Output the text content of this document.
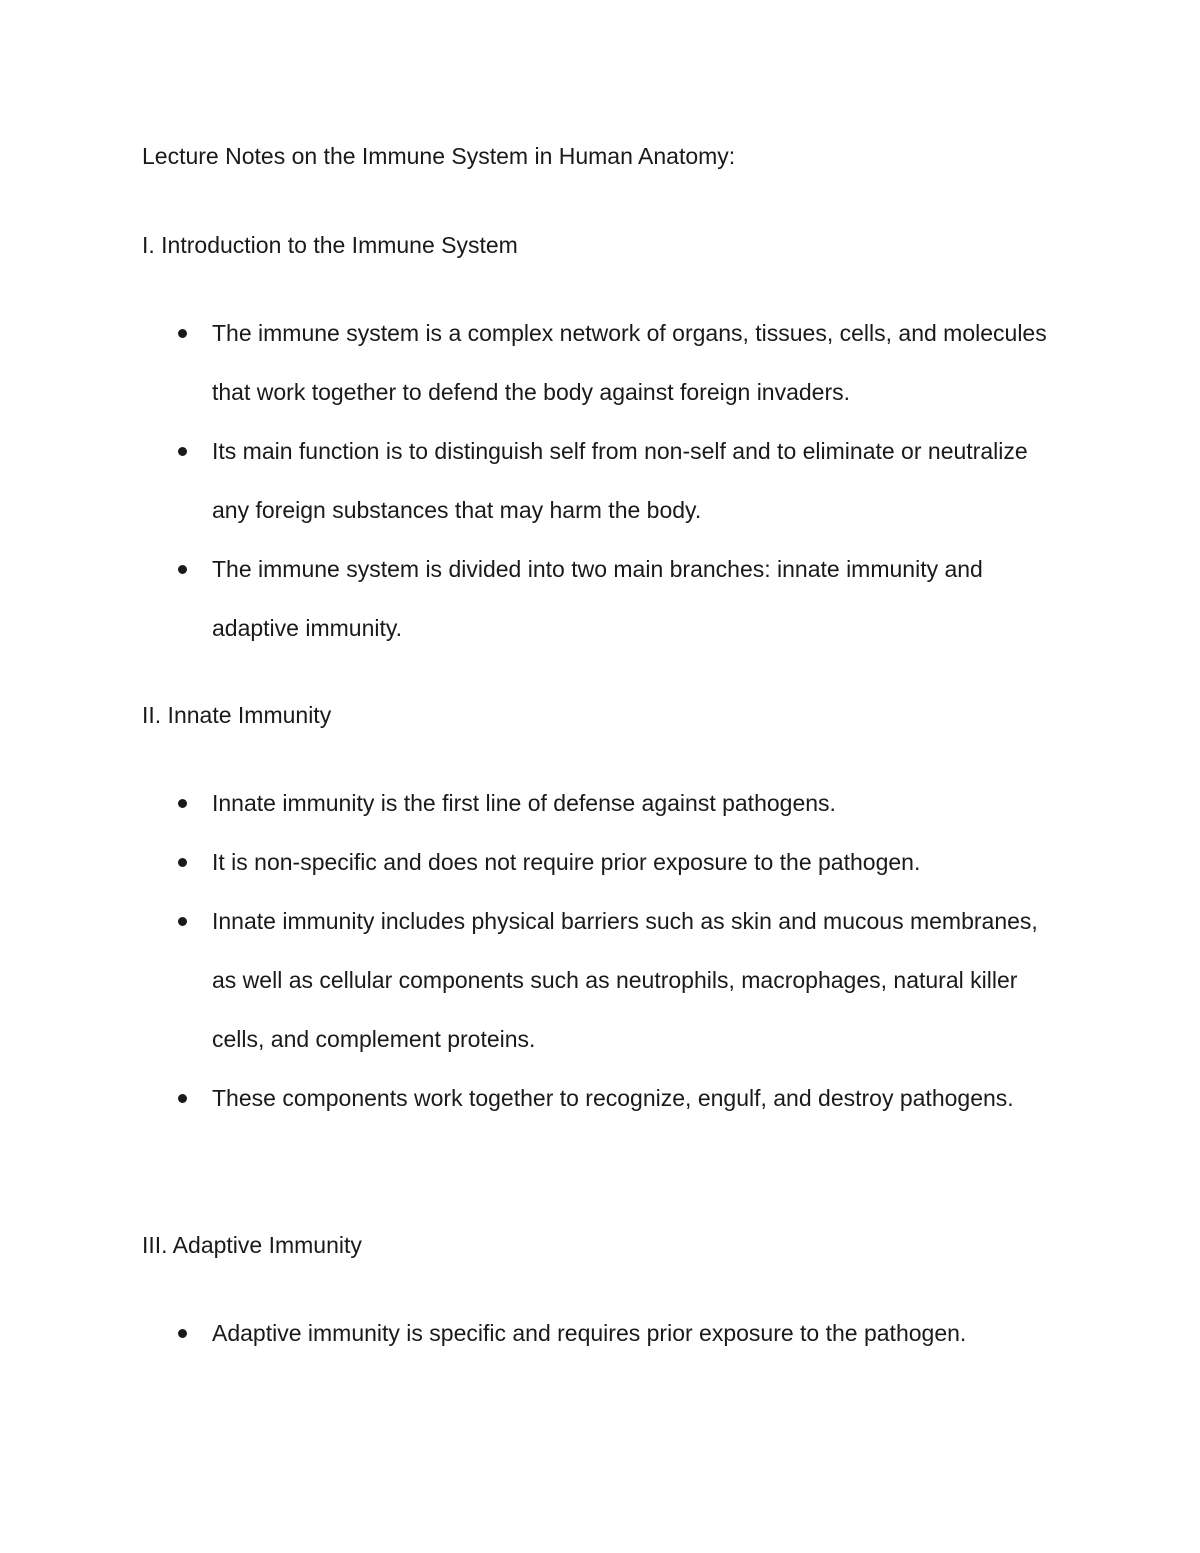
Lecture Notes on the Immune System in Human Anatomy:
I. Introduction to the Immune System
The immune system is a complex network of organs, tissues, cells, and molecules that work together to defend the body against foreign invaders.
Its main function is to distinguish self from non-self and to eliminate or neutralize any foreign substances that may harm the body.
The immune system is divided into two main branches: innate immunity and adaptive immunity.
II. Innate Immunity
Innate immunity is the first line of defense against pathogens.
It is non-specific and does not require prior exposure to the pathogen.
Innate immunity includes physical barriers such as skin and mucous membranes, as well as cellular components such as neutrophils, macrophages, natural killer cells, and complement proteins.
These components work together to recognize, engulf, and destroy pathogens.
III. Adaptive Immunity
Adaptive immunity is specific and requires prior exposure to the pathogen.
